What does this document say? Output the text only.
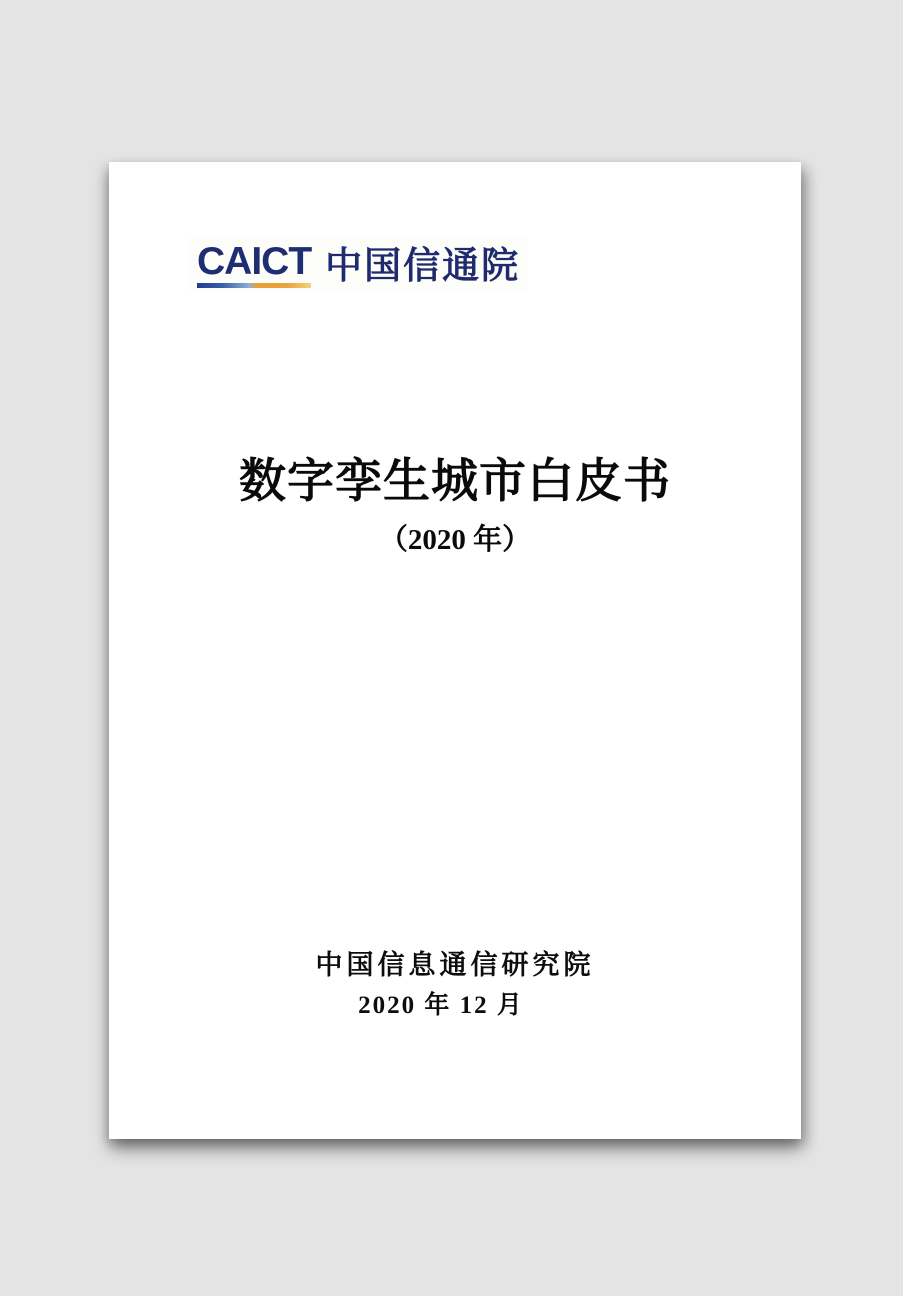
CAICT 中国信通院
数字孪生城市白皮书
（2020 年）
中国信息通信研究院
2020 年 12 月
